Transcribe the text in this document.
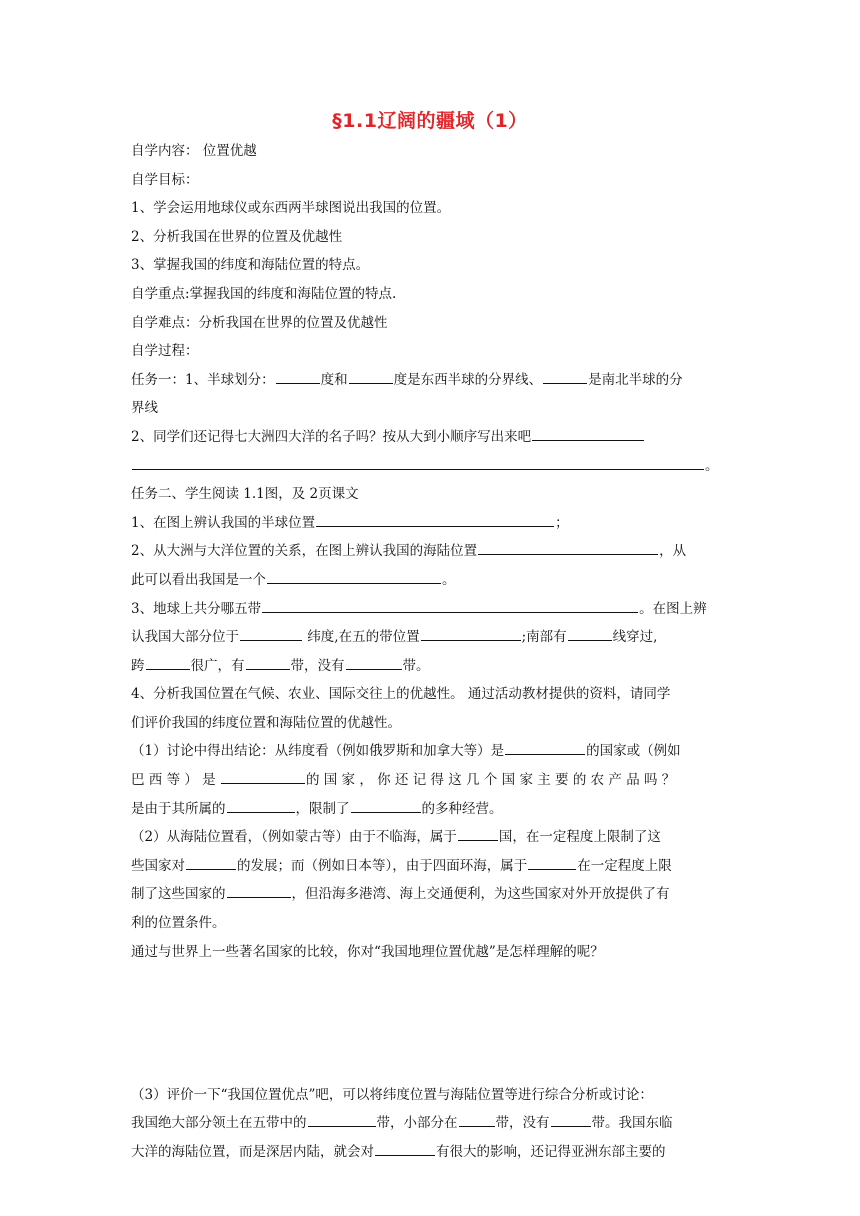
§1.1辽阔的疆域（1）
自学内容： 位置优越
自学目标：
1、学会运用地球仪或东西两半球图说出我国的位置。
2、分析我国在世界的位置及优越性
3、掌握我国的纬度和海陆位置的特点。
自学重点:掌握我国的纬度和海陆位置的特点.
自学难点：分析我国在世界的位置及优越性
自学过程：
任务一：1、半球划分：	度和	度是东西半球的分界线、	是南北半球的分
界线
2、同学们还记得七大洲四大洋的名子吗？按从大到小顺序写出来吧
。
任务二、学生阅读 1.1图，及 2页课文
1、在图上辨认我国的半球位置	；
2、从大洲与大洋位置的关系，在图上辨认我国的海陆位置	，从
此可以看出我国是一个	。
3、地球上共分哪五带	。在图上辨
认我国大部分位于	纬度,在五的带位置	;南部有	线穿过,
跨	很广，有	带，没有	带。
4、分析我国位置在气候、农业、国际交往上的优越性。 通过活动教材提供的资料，请同学
们评价我国的纬度位置和海陆位置的优越性。
（1）讨论中得出结论：从纬度看（例如俄罗斯和加拿大等）是	的国家或（例如
巴 西 等 ） 是	的 国 家 ， 你 还 记 得 这 几 个 国 家 主 要 的 农 产 品 吗 ？
是由于其所属的	，限制了	的多种经营。
（2）从海陆位置看，（例如蒙古等）由于不临海，属于	国，在一定程度上限制了这
些国家对	的发展；而（例如日本等），由于四面环海，属于	在一定程度上限
制了这些国家的	，但沿海多港湾、海上交通便利，为这些国家对外开放提供了有
利的位置条件。
通过与世界上一些著名国家的比较，你对“我国地理位置优越”是怎样理解的呢？
（3）评价一下“我国位置优点”吧，可以将纬度位置与海陆位置等进行综合分析或讨论：
我国绝大部分领土在五带中的	带，小部分在	带，没有	带。我国东临
大洋的海陆位置，而是深居内陆，就会对	有很大的影响，还记得亚洲东部主要的
